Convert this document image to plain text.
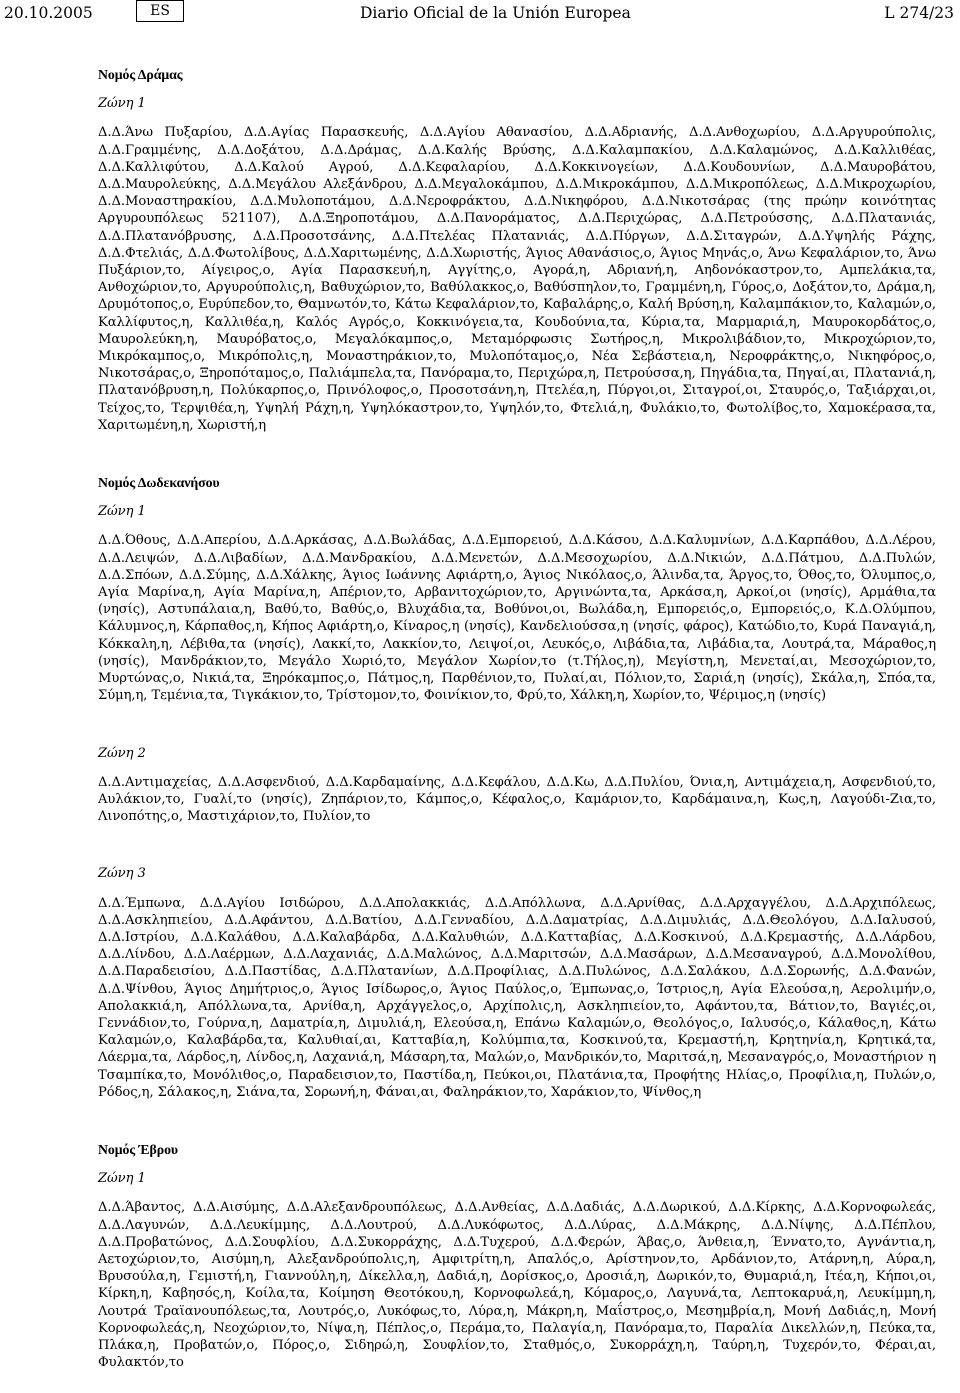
20.10.2005	ES	Diario Oficial de la Unión Europea	L 274/23
Νομός Δράμας
Ζώνη 1

Δ.Δ.Άνω Πυξαρίου, Δ.Δ.Αγίας Παρασκευής, Δ.Δ.Αγίου Αθανασίου, Δ.Δ.Αδριανής, Δ.Δ.Ανθοχωρίου, Δ.Δ.Αργυρούπολις, Δ.Δ.Γραμμένης, Δ.Δ.Δοξάτου, Δ.Δ.Δράμας, Δ.Δ.Καλής Βρύσης, Δ.Δ.Καλαμπακίου, Δ.Δ.Καλαμώνος, Δ.Δ.Καλλιθέας, Δ.Δ.Καλλιφύτου, Δ.Δ.Καλού Αγρού, Δ.Δ.Κεφαλαρίου, Δ.Δ.Κοκκινογείων, Δ.Δ.Κουδουνίων, Δ.Δ.Μαυροβάτου, Δ.Δ.Μαυρολεύκης, Δ.Δ.Μεγάλου Αλεξάνδρου, Δ.Δ.Μεγαλοκάμπου, Δ.Δ.Μικροκάμπου, Δ.Δ.Μικροπόλεως, Δ.Δ.Μικροχωρίου, Δ.Δ.Μοναστηρακίου, Δ.Δ.Μυλοποτάμου, Δ.Δ.Νεροφράκτου, Δ.Δ.Νικηφόρου, Δ.Δ.Νικοτσάρας (της πρώην κοινότητας Αργυρουπόλεως 521107), Δ.Δ.Ξηροποτάμου, Δ.Δ.Πανοράματος, Δ.Δ.Περιχώρας, Δ.Δ.Πετρούσσης, Δ.Δ.Πλατανιάς, Δ.Δ.Πλατανόβρυσης, Δ.Δ.Προσοτσάνης, Δ.Δ.Πτελέας Πλατανιάς, Δ.Δ.Πύργων, Δ.Δ.Σιταγρών, Δ.Δ.Υψηλής Ράχης, Δ.Δ.Φτελιάς, Δ.Δ.Φωτολίβους, Δ.Δ.Χαριτωμένης, Δ.Δ.Χωριστής, Άγιος Αθανάσιος,ο, Άγιος Μηνάς,ο, Άνω Κεφαλάριον,το, Άνω Πυξάριον,το, Αίγειρος,ο, Αγία Παρασκευή,η, Αγγίτης,ο, Αγορά,η, Αδριανή,η, Αηδονόκαστρον,το, Αμπελάκια,τα, Ανθοχώριον,το, Αργυρούπολις,η, Βαθυχώριον,το, Βαθύλακκος,ο, Βαθύσπηλον,το, Γραμμένη,η, Γύρος,ο, Δοξάτον,το, Δράμα,η, Δρυμότοπος,ο, Ευρύπεδον,το, Θαμνωτόν,το, Κάτω Κεφαλάριον,το, Καβαλάρης,ο, Καλή Βρύση,η, Καλαμπάκιον,το, Καλαμών,ο, Καλλίφυτος,η, Καλλιθέα,η, Καλός Αγρός,ο, Κοκκινόγεια,τα, Κουδούνια,τα, Κύρια,τα, Μαρμαριά,η, Μαυροκορδάτος,ο, Μαυρολεύκη,η, Μαυρόβατος,ο, Μεγαλόκαμπος,ο, Μεταμόρφωσις Σωτήρος,η, Μικρολιβάδιον,το, Μικροχώριον,το, Μικρόκαμπος,ο, Μικρόπολις,η, Μοναστηράκιον,το, Μυλοπόταμος,ο, Νέα Σεβάστεια,η, Νεροφράκτης,ο, Νικηφόρος,ο, Νικοτσάρας,ο, Ξηροπόταμος,ο, Παλιάμπελα,τα, Πανόραμα,το, Περιχώρα,η, Πετρούσσα,η, Πηγάδια,τα, Πηγαί,αι, Πλατανιά,η, Πλατανόβρυση,η, Πολύκαρπος,ο, Πρινόλοφος,ο, Προσοτσάνη,η, Πτελέα,η, Πύργοι,οι, Σιταγροί,οι, Σταυρός,ο, Ταξιάρχαι,οι, Τείχος,το, Τερψιθέα,η, Υψηλή Ράχη,η, Υψηλόκαστρον,το, Υψηλόν,το, Φτελιά,η, Φυλάκιο,το, Φωτολίβος,το, Χαμοκέρασα,τα, Χαριτωμένη,η, Χωριστή,η

Νομός Δωδεκανήσου
Ζώνη 1

Δ.Δ.Όθους, Δ.Δ.Απερίου, Δ.Δ.Αρκάσας, Δ.Δ.Βωλάδας, Δ.Δ.Εμπορειού, Δ.Δ.Κάσου, Δ.Δ.Καλυμνίων, Δ.Δ.Καρπάθου, Δ.Δ.Λέρου, Δ.Δ.Λειψών, Δ.Δ.Λιβαδίων, Δ.Δ.Μανδρακίου, Δ.Δ.Μενετών, Δ.Δ.Μεσοχωρίου, Δ.Δ.Νικιών, Δ.Δ.Πάτμου, Δ.Δ.Πυλών, Δ.Δ.Σπόων, Δ.Δ.Σύμης, Δ.Δ.Χάλκης, Άγιος Ιωάννης Αφιάρτη,ο, Άγιος Νικόλαος,ο, Άλινδα,τα, Άργος,το, Όθος,το, Όλυμπος,ο, Αγία Μαρίνα,η, Αγία Μαρίνα,η, Απέριον,το, Αρβανιτοχώριον,το, Αργινώντα,τα, Αρκάσα,η, Αρκοί,οι (νησίς), Αρμάθια,τα (νησίς), Αστυπάλαια,η, Βαθύ,το, Βαθύς,ο, Βλυχάδια,τα, Βοθύνοι,οι, Βωλάδα,η, Εμπορειός,ο, Εμπορειός,ο, Κ.Δ.Ολύμπου, Κάλυμνος,η, Κάρπαθος,η, Κήπος Αφιάρτη,ο, Κίναρος,η (νησίς), Κανδελιούσσα,η (νησίς, φάρος), Κατώδιο,το, Κυρά Παναγιά,η, Κόκκαλη,η, Λέβιθα,τα (νησίς), Λακκί,το, Λακκίον,το, Λειψοί,οι, Λευκός,ο, Λιβάδια,τα, Λιβάδια,τα, Λουτρά,τα, Μάραθος,η (νησίς), Μανδράκιον,το, Μεγάλο Χωριό,το, Μεγάλον Χωρίον,το (τ.Τήλος,η), Μεγίστη,η, Μενεταί,αι, Μεσοχώριον,το, Μυρτώνας,ο, Νικιά,τα, Ξηρόκαμπος,ο, Πάτμος,η, Παρθένιον,το, Πυλαί,αι, Πόλιον,το, Σαριά,η (νησίς), Σκάλα,η, Σπόα,τα, Σύμη,η, Τεμένια,τα, Τιγκάκιον,το, Τρίστομον,το, Φοινίκιον,το, Φρύ,το, Χάλκη,η, Χωρίον,το, Ψέριμος,η (νησίς)

Ζώνη 2

Δ.Δ.Αντιμαχείας, Δ.Δ.Ασφενδιού, Δ.Δ.Καρδαμαίνης, Δ.Δ.Κεφάλου, Δ.Δ.Κω, Δ.Δ.Πυλίου, Όνια,η, Αντιμάχεια,η, Ασφενδιού,το, Αυλάκιον,το, Γυαλί,το (νησίς), Ζηπάριον,το, Κάμπος,ο, Κέφαλος,ο, Καμάριον,το, Καρδάμαινα,η, Κως,η, Λαγούδι-Ζια,το, Λινοπότης,ο, Μαστιχάριον,το, Πυλίον,το

Ζώνη 3

Δ.Δ.Έμπωνα, Δ.Δ.Αγίου Ισιδώρου, Δ.Δ.Απολακκιάς, Δ.Δ.Απόλλωνα, Δ.Δ.Αρνίθας, Δ.Δ.Αρχαγγέλου, Δ.Δ.Αρχιπόλεως, Δ.Δ.Ασκληπιείου, Δ.Δ.Αφάντου, Δ.Δ.Βατίου, Δ.Δ.Γενναδίου, Δ.Δ.Δαματρίας, Δ.Δ.Διμυλιάς, Δ.Δ.Θεολόγου, Δ.Δ.Ιαλυσού, Δ.Δ.Ιστρίου, Δ.Δ.Καλάθου, Δ.Δ.Καλαβάρδα, Δ.Δ.Καλυθιών, Δ.Δ.Κατταβίας, Δ.Δ.Κοσκινού, Δ.Δ.Κρεμαστής, Δ.Δ.Λάρδου, Δ.Δ.Λίνδου, Δ.Δ.Λαέρμων, Δ.Δ.Λαχανιάς, Δ.Δ.Μαλώνος, Δ.Δ.Μαριτσών, Δ.Δ.Μασάρων, Δ.Δ.Μεσαναγρού, Δ.Δ.Μονολίθου, Δ.Δ.Παραδεισίου, Δ.Δ.Παστίδας, Δ.Δ.Πλατανίων, Δ.Δ.Προφίλιας, Δ.Δ.Πυλώνος, Δ.Δ.Σαλάκου, Δ.Δ.Σορωνής, Δ.Δ.Φανών, Δ.Δ.Ψίνθου, Άγιος Δημήτριος,ο, Άγιος Ισίδωρος,ο, Άγιος Παύλος,ο, Έμπωνας,ο, Ίστριος,η, Αγία Ελεούσα,η, Αερολιμήν,ο, Απολακκιά,η, Απόλλωνα,τα, Αρνίθα,η, Αρχάγγελος,ο, Αρχίπολις,η, Ασκληπιείον,το, Αφάντου,τα, Βάτιον,το, Βαγιές,οι, Γεννάδιον,το, Γούρνα,η, Δαματρία,η, Διμυλιά,η, Ελεούσα,η, Επάνω Καλαμών,ο, Θεολόγος,ο, Ιαλυσός,ο, Κάλαθος,η, Κάτω Καλαμών,ο, Καλαβάρδα,τα, Καλυθιαί,αι, Κατταβία,η, Κολύμπια,τα, Κοσκινού,τα, Κρεμαστή,η, Κρητηνία,η, Κρητικά,τα, Λάερμα,τα, Λάρδος,η, Λίνδος,η, Λαχανιά,η, Μάσαρη,τα, Μαλών,ο, Μανδρικόν,το, Μαριτσά,η, Μεσαναγρός,ο, Μοναστήριον η Τσαμπίκα,το, Μονόλιθος,ο, Παραδεισιον,το, Παστίδα,η, Πεύκοι,οι, Πλατάνια,τα, Προφήτης Ηλίας,ο, Προφίλια,η, Πυλών,ο, Ρόδος,η, Σάλακος,η, Σιάνα,τα, Σορωνή,η, Φάναι,αι, Φαληράκιον,το, Χαράκιον,το, Ψίνθος,η

Νομός Έβρου
Ζώνη 1

Δ.Δ.Άβαντος, Δ.Δ.Αισύμης, Δ.Δ.Αλεξανδρουπόλεως, Δ.Δ.Ανθείας, Δ.Δ.Δαδιάς, Δ.Δ.Δωρικού, Δ.Δ.Κίρκης, Δ.Δ.Κορνοφωλεάς, Δ.Δ.Λαγυνών, Δ.Δ.Λευκίμμης, Δ.Δ.Λουτρού, Δ.Δ.Λυκόφωτος, Δ.Δ.Λύρας, Δ.Δ.Μάκρης, Δ.Δ.Νίψης, Δ.Δ.Πέπλου, Δ.Δ.Προβατώνος, Δ.Δ.Σουφλίου, Δ.Δ.Συκορράχης, Δ.Δ.Τυχερού, Δ.Δ.Φερών, Άβας,ο, Άνθεια,η, Έννατο,το, Αγνάντια,η, Αετοχώριον,το, Αισύμη,η, Αλεξανδρούπολις,η, Αμφιτρίτη,η, Απαλός,ο, Αρίστηνον,το, Αρδάνιον,το, Ατάρνη,η, Αύρα,η, Βρυσούλα,η, Γεμιστή,η, Γιαννούλη,η, Δίκελλα,η, Δαδιά,η, Δορίσκος,ο, Δροσιά,η, Δωρικόν,το, Θυμαριά,η, Ιτέα,η, Κήποι,οι, Κίρκη,η, Καβησός,η, Κοίλα,τα, Κοίμηση Θεοτόκου,η, Κορνοφωλεά,η, Κόμαρος,ο, Λαγυνά,τα, Λεπτοκαρυά,η, Λευκίμμη,η, Λουτρά Τραϊανουπόλεως,τα, Λουτρός,ο, Λυκόφως,το, Λύρα,η, Μάκρη,η, Μαΐστρος,ο, Μεσημβρία,η, Μονή Δαδιάς,η, Μονή Κορνοφωλεάς,η, Νεοχώριον,το, Νίψα,η, Πέπλος,ο, Περάμα,το, Παλαγία,η, Πανόραμα,το, Παραλία Δικελλών,η, Πεύκα,τα, Πλάκα,η, Προβατών,ο, Πόρος,ο, Σιδηρώ,η, Σουφλίον,το, Σταθμός,ο, Συκορράχη,η, Ταύρη,η, Τυχερόν,το, Φέραι,αι, Φυλακτόν,το
